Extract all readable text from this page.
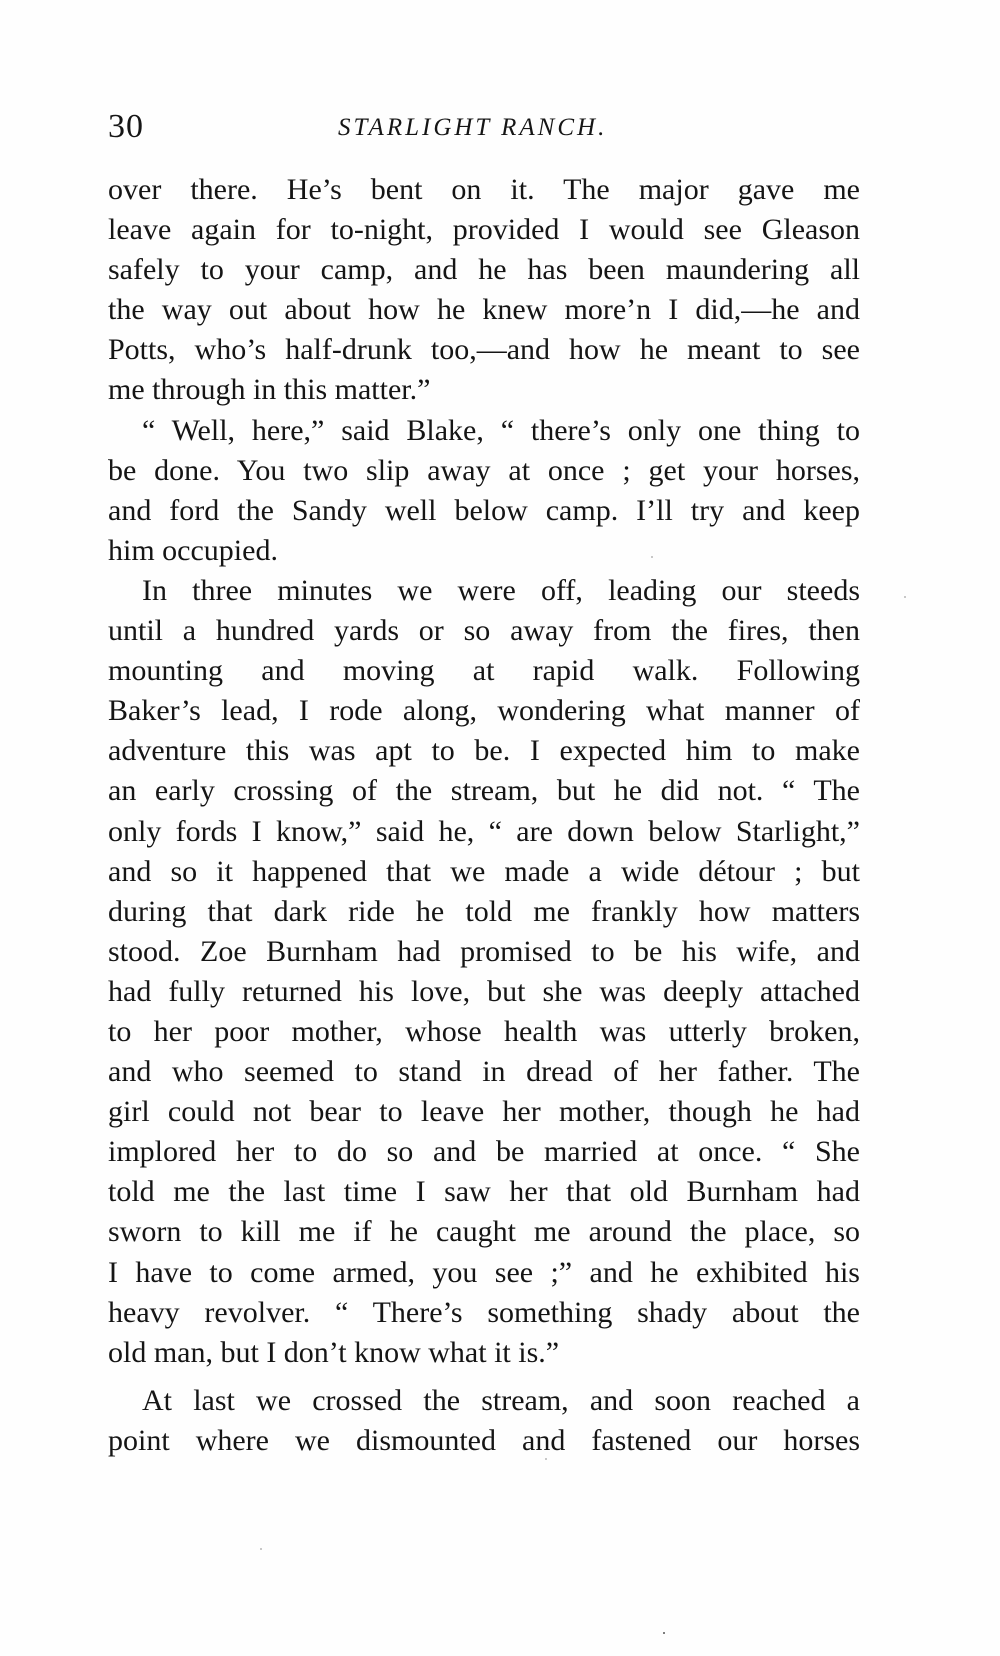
30	STARLIGHT RANCH.
over there. He’s bent on it. The major gave me
leave again for to-night, provided I would see Gleason
safely to your camp, and he has been maundering all
the way out about how he knew more’n I did,—he and
Potts, who’s half-drunk too,—and how he meant to see
me through in this matter.”
“ Well, here,” said Blake, “ there’s only one thing to
be done. You two slip away at once ; get your horses,
and ford the Sandy well below camp. I’ll try and keep
him occupied.
In three minutes we were off, leading our steeds
until a hundred yards or so away from the fires, then
mounting and moving at rapid walk. Following
Baker’s lead, I rode along, wondering what manner of
adventure this was apt to be. I expected him to make
an early crossing of the stream, but he did not. “ The
only fords I know,” said he, “ are down below Starlight,”
and so it happened that we made a wide détour ; but
during that dark ride he told me frankly how matters
stood. Zoe Burnham had promised to be his wife, and
had fully returned his love, but she was deeply attached
to her poor mother, whose health was utterly broken,
and who seemed to stand in dread of her father. The
girl could not bear to leave her mother, though he had
implored her to do so and be married at once. “ She
told me the last time I saw her that old Burnham had
sworn to kill me if he caught me around the place, so
I have to come armed, you see ;” and he exhibited his
heavy revolver. “ There’s something shady about the
old man, but I don’t know what it is.”
At last we crossed the stream, and soon reached a
point where we dismounted and fastened our horses
